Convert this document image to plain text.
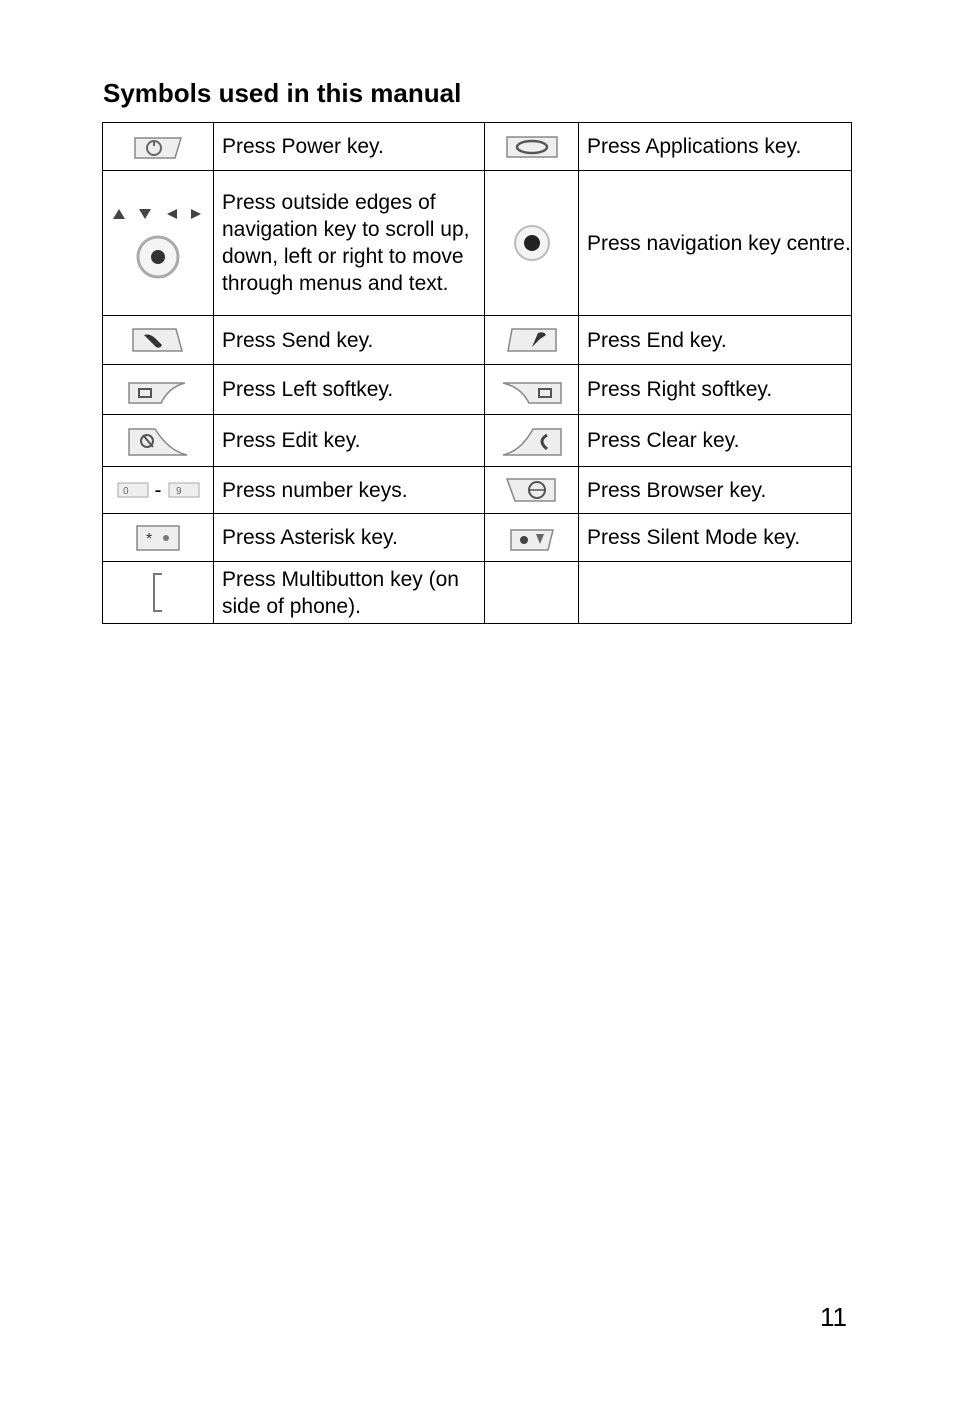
Symbols used in this manual
	Press Power key.		Press Applications key.

	Press outside edges of navigation key to scroll up, down, left or right to move through menus and text.		Press navigation key centre.
	Press Send key.		Press End key.
	Press Left softkey.		Press Right softkey.
	Press Edit key.		Press Clear key.

0 - 9	Press number keys.		Press Browser key.

*	Press Asterisk key.		Press Silent Mode key.
	Press Multibutton key (on side of phone).		
11
